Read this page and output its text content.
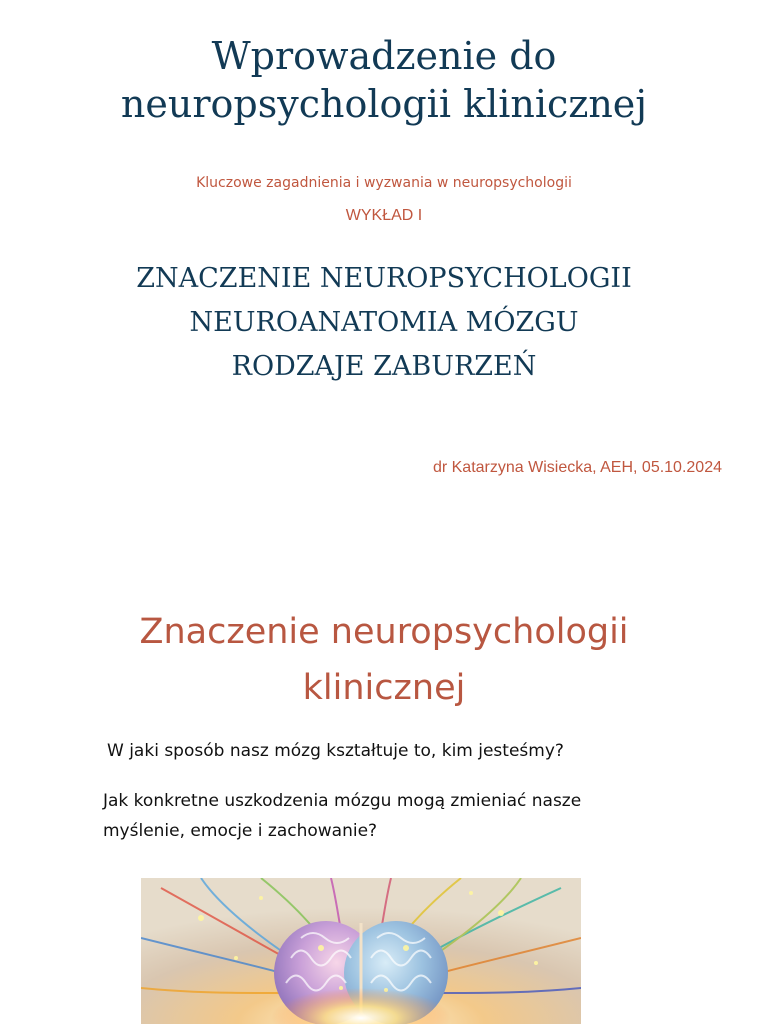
Wprowadzenie do
neuropsychologii klinicznej
Kluczowe zagadnienia i wyzwania w neuropsychologii
WYKŁAD I
ZNACZENIE NEUROPSYCHOLOGII
NEUROANATOMIA MÓZGU
RODZAJE ZABURZEŃ
dr Katarzyna Wisiecka, AEH, 05.10.2024
Znaczenie neuropsychologii
klinicznej
W jaki sposób nasz mózg kształtuje to, kim jesteśmy?
Jak konkretne uszkodzenia mózgu mogą zmieniać nasze myślenie, emocje i zachowanie?
